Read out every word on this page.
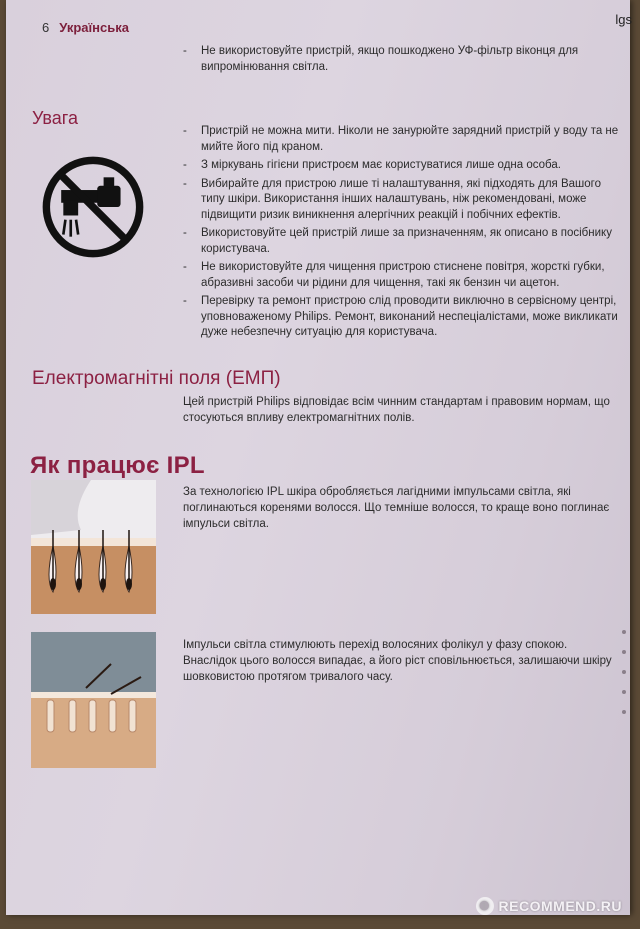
6 Українська
- Не використовуйте пристрій, якщо пошкоджено УФ-фільтр віконця для випромінювання світла.
Увага
- Пристрій не можна мити. Ніколи не занурюйте зарядний пристрій у воду та не мийте його під краном.
- З міркувань гігієни пристроєм має користуватися лише одна особа.
- Вибирайте для пристрою лише ті налаштування, які підходять для Вашого типу шкіри. Використання інших налаштувань, ніж рекомендовані, може підвищити ризик виникнення алергічних реакцій і побічних ефектів.
- Використовуйте цей пристрій лише за призначенням, як описано в посібнику користувача.
- Не використовуйте для чищення пристрою стиснене повітря, жорсткі губки, абразивні засоби чи рідини для чищення, такі як бензин чи ацетон.
- Перевірку та ремонт пристрою слід проводити виключно в сервісному центрі, уповноваженому Philips. Ремонт, виконаний неспеціалістами, може викликати дуже небезпечну ситуацію для користувача.
Електромагнітні поля (ЕМП)
Цей пристрій Philips відповідає всім чинним стандартам і правовим нормам, що стосуються впливу електромагнітних полів.
Як працює IPL
За технологією IPL шкіра обробляється лагідними імпульсами світла, які поглинаються коренями волосся. Що темніше волосся, то краще воно поглинає імпульси світла.
Імпульси світла стимулюють перехід волосяних фолікул у фазу спокою. Внаслідок цього волосся випадає, а його ріст сповільнюється, залишаючи шкіру шовковистою протягом тривалого часу.
lgs
❶ RECOMMEND.RU
